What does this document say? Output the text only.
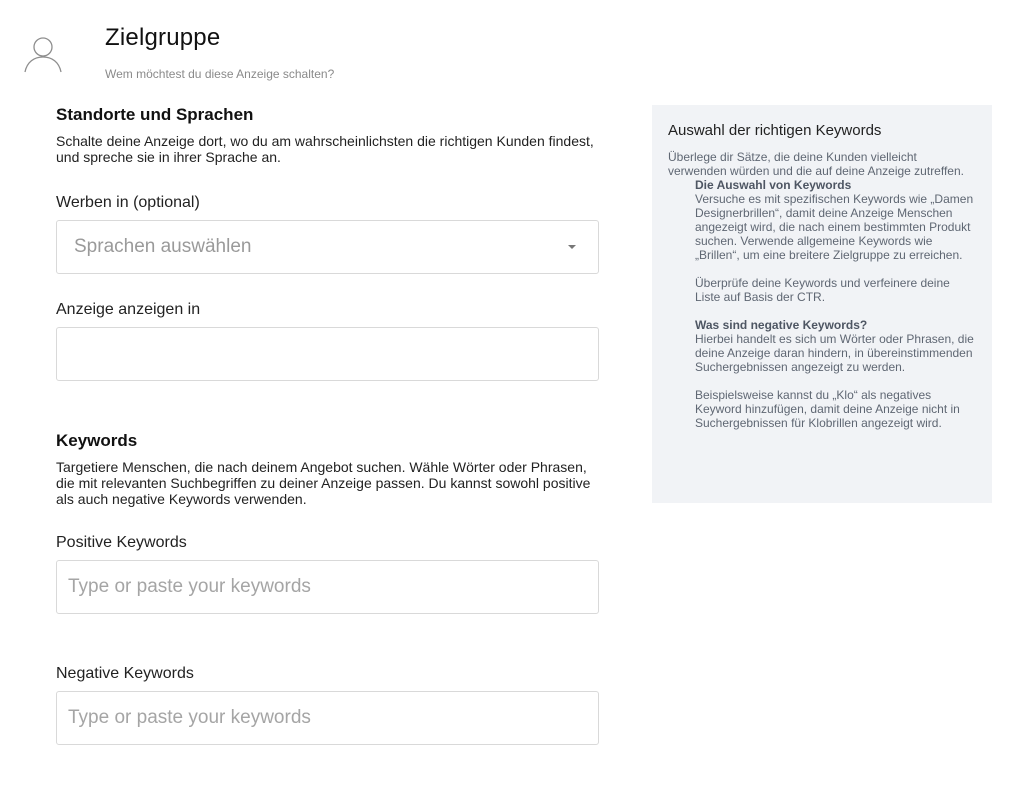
Zielgruppe
Wem möchtest du diese Anzeige schalten?
Standorte und Sprachen
Schalte deine Anzeige dort, wo du am wahrscheinlichsten die richtigen Kunden findest, und spreche sie in ihrer Sprache an.
Werben in (optional)
Sprachen auswählen
Anzeige anzeigen in
Keywords
Targetiere Menschen, die nach deinem Angebot suchen. Wähle Wörter oder Phrasen, die mit relevanten Suchbegriffen zu deiner Anzeige passen. Du kannst sowohl positive als auch negative Keywords verwenden.
Positive Keywords
Type or paste your keywords
Negative Keywords
Type or paste your keywords
Auswahl der richtigen Keywords
Überlege dir Sätze, die deine Kunden vielleicht verwenden würden und die auf deine Anzeige zutreffen.
Die Auswahl von Keywords
Versuche es mit spezifischen Keywords wie „Damen Designerbrillen“, damit deine Anzeige Menschen angezeigt wird, die nach einem bestimmten Produkt suchen. Verwende allgemeine Keywords wie „Brillen“, um eine breitere Zielgruppe zu erreichen.
Überprüfe deine Keywords und verfeinere deine Liste auf Basis der CTR.
Was sind negative Keywords?
Hierbei handelt es sich um Wörter oder Phrasen, die deine Anzeige daran hindern, in übereinstimmenden Suchergebnissen angezeigt zu werden.
Beispielsweise kannst du „Klo“ als negatives Keyword hinzufügen, damit deine Anzeige nicht in Suchergebnissen für Klobrillen angezeigt wird.
